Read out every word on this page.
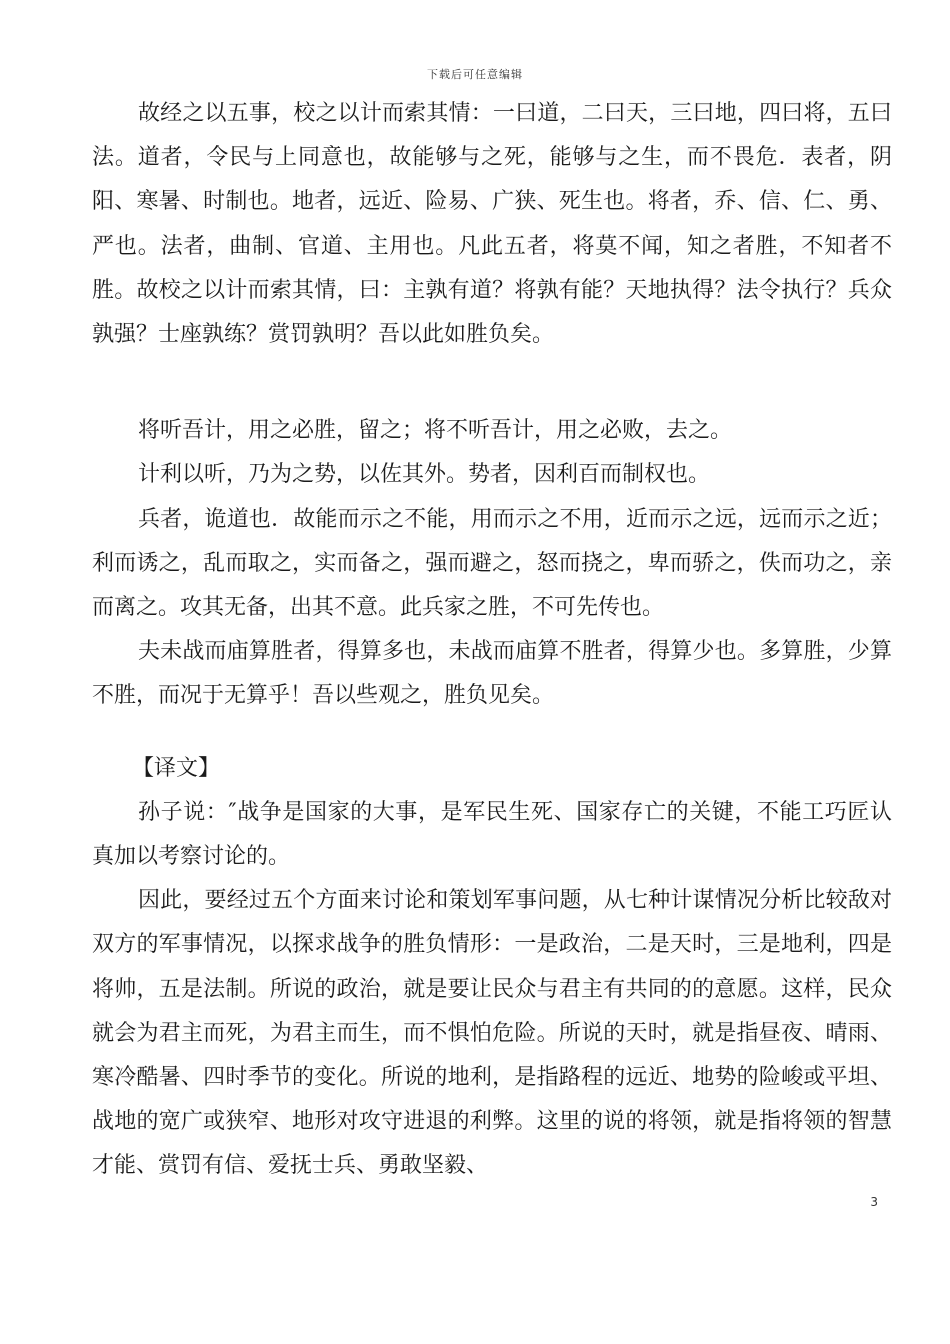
下载后可任意编辑

故经之以五事，校之以计而索其情：一曰道，二曰天，三曰地，四曰将，五曰法。道者，令民与上同意也，故能够与之死，能够与之生，而不畏危．表者，阴阳、寒暑、时制也。地者，远近、险易、广狭、死生也。将者，乔、信、仁、勇、严也。法者，曲制、官道、主用也。凡此五者，将莫不闻，知之者胜，不知者不胜。故校之以计而索其情，曰：主孰有道？将孰有能？天地执得？法令执行？兵众孰强？士座孰练？赏罚孰明？吾以此如胜负矣。

将听吾计，用之必胜，留之；将不听吾计，用之必败，去之。

计利以听，乃为之势，以佐其外。势者，因利百而制权也。

兵者，诡道也．故能而示之不能，用而示之不用，近而示之远，远而示之近；利而诱之，乱而取之，实而备之，强而避之，怒而挠之，卑而骄之，佚而功之，亲而离之。攻其无备，出其不意。此兵家之胜，不可先传也。

夫未战而庙算胜者，得算多也，未战而庙算不胜者，得算少也。多算胜，少算不胜，而况于无算乎！吾以些观之，胜负见矣。

【译文】

孙子说：″战争是国家的大事，是军民生死、国家存亡的关键，不能工巧匠认真加以考察讨论的。

因此，要经过五个方面来讨论和策划军事问题，从七种计谋情况分析比较敌对双方的军事情况，以探求战争的胜负情形：一是政治，二是天时，三是地利，四是将帅，五是法制。所说的政治，就是要让民众与君主有共同的的意愿。这样，民众就会为君主而死，为君主而生，而不惧怕危险。所说的天时，就是指昼夜、晴雨、寒冷酷暑、四时季节的变化。所说的地利，是指路程的远近、地势的险峻或平坦、战地的宽广或狭窄、地形对攻守进退的利弊。这里的说的将领，就是指将领的智慧才能、赏罚有信、爱抚士兵、勇敢坚毅、

3
